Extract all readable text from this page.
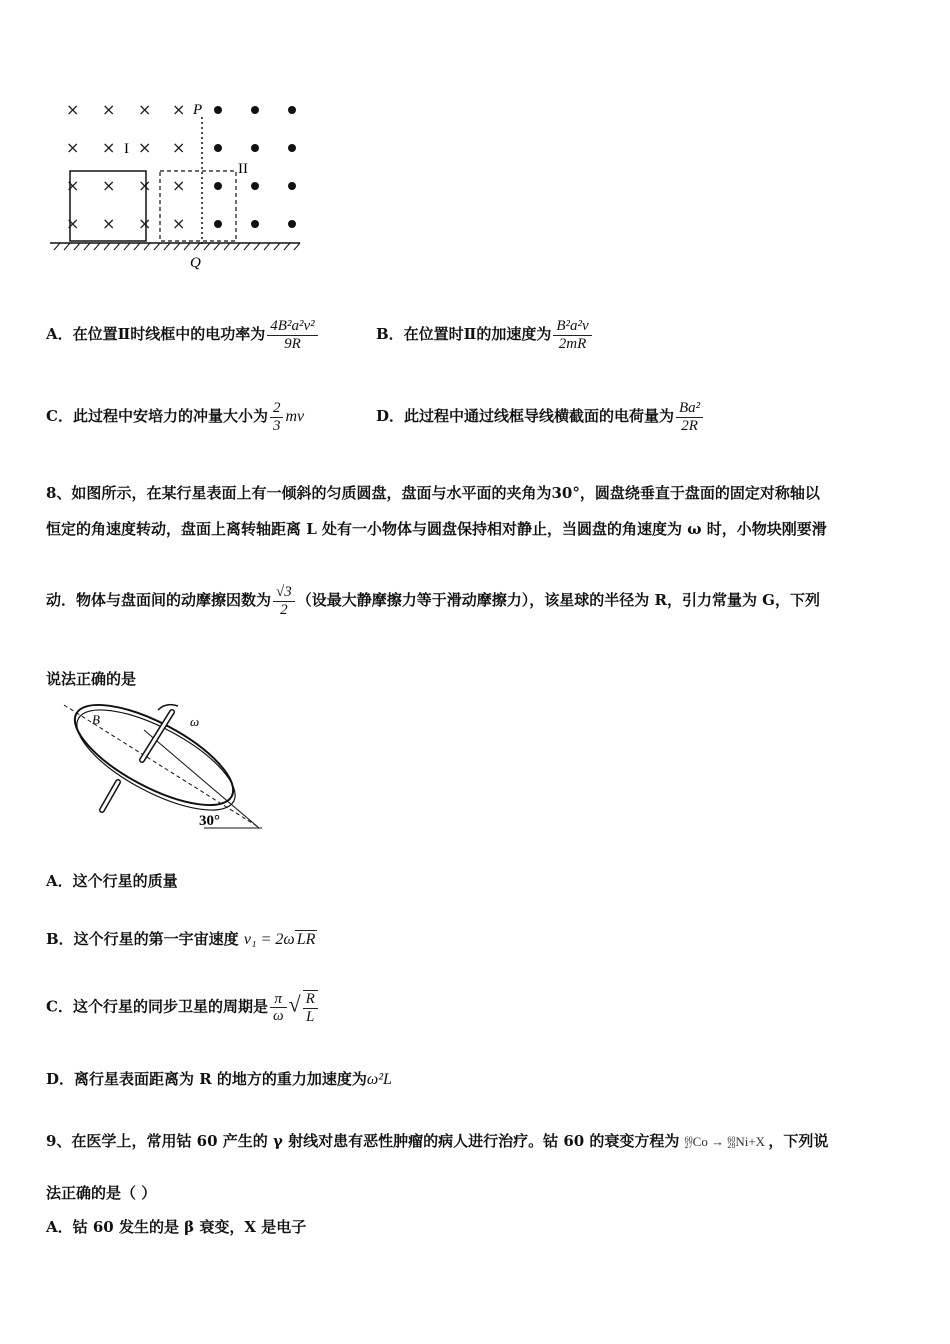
× × × ×
× × × ×
× × × ×
× × × ×
P
Q
I
II
A．在位置Ⅱ时线框中的电功率为 $\frac{\text{4B²a²v²}}{9R}$	B．在位置时Ⅱ的加速度为 $\frac{\text{B²a²v}}{2mR}$
C．此过程中安培力的冲量大小为 $\frac{2}{3}$ mv	D．此过程中通过线框导线横截面的电荷量为 $\frac{\text{Ba²}}{2R}$
8、如图所示，在某行星表面上有一倾斜的匀质圆盘，盘面与水平面的夹角为30°，圆盘绕垂直于盘面的固定对称轴以
恒定的角速度转动，盘面上离转轴距离 L 处有一小物体与圆盘保持相对静止，当圆盘的角速度为 ω 时，小物块刚要滑
动．物体与盘面间的动摩擦因数为 $\frac{√3}{2}$ （设最大静摩擦力等于滑动摩擦力），该星球的半径为 R，引力常量为 G，下列
说法正确的是
B	ω
30°
A．这个行星的质量
B．这个行星的第一宇宙速度 v₁ = 2ω LR
C．这个行星的同步卫星的周期是 $\frac{\pi}{\omega}$ √ $\frac{R}{L}$
D．离行星表面距离为 R 的地方的重力加速度为ω²L
9、在医学上，常用钴 60 产生的 γ 射线对患有恶性肿瘤的病人进行治疗。钴 60 的衰变方程为 60
27 Co → 60
28 Ni+X ，下列说
法正确的是（ ）
A．钴 60 发生的是 β 衰变，X 是电子
